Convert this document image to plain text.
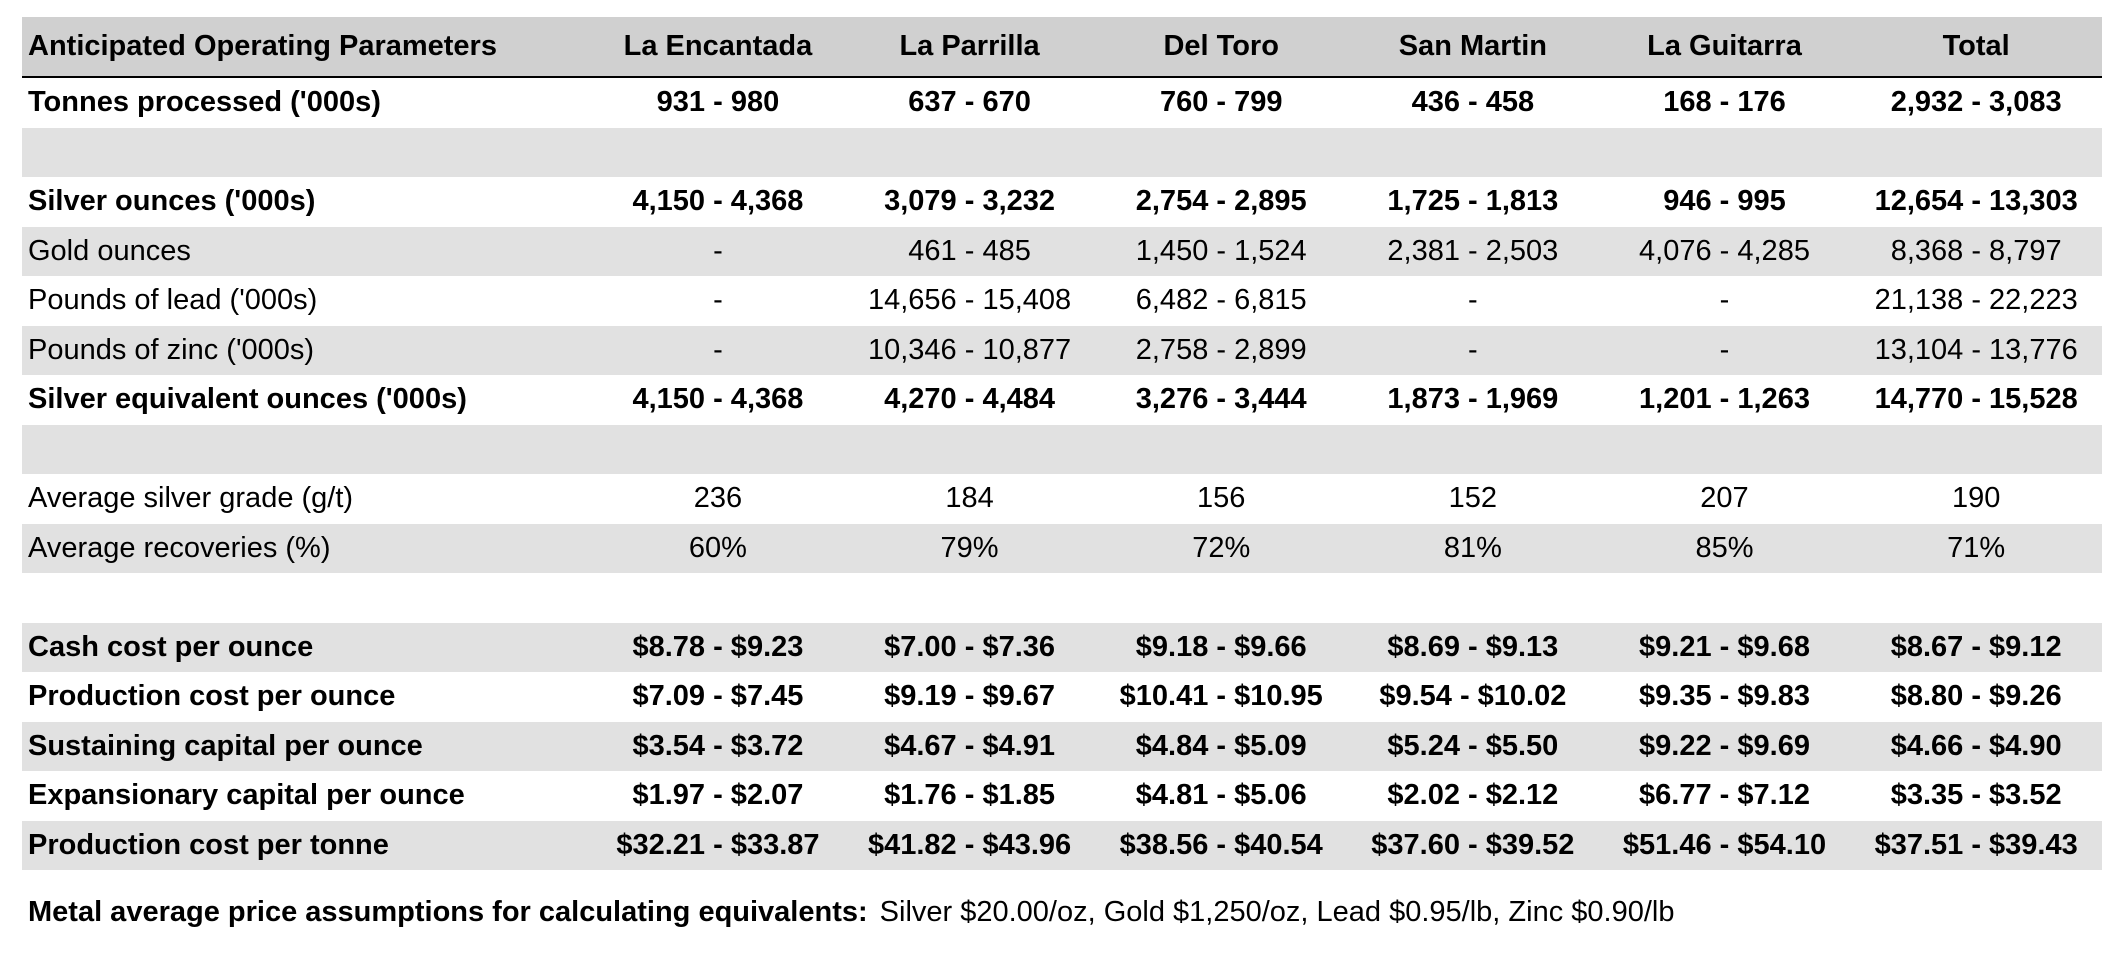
Anticipated Operating Parameters	La Encantada	La Parrilla	Del Toro	San Martin	La Guitarra	Total
Tonnes processed ('000s)	931 - 980	637 - 670	760 - 799	436 - 458	168 - 176	2,932 - 3,083

Silver ounces ('000s)	4,150 - 4,368	3,079 - 3,232	2,754 - 2,895	1,725 - 1,813	946 - 995	12,654 - 13,303
Gold ounces	-	461 - 485	1,450 - 1,524	2,381 - 2,503	4,076 - 4,285	8,368 - 8,797
Pounds of lead ('000s)	-	14,656 - 15,408	6,482 - 6,815	-	-	21,138 - 22,223
Pounds of zinc ('000s)	-	10,346 - 10,877	2,758 - 2,899	-	-	13,104 - 13,776
Silver equivalent ounces ('000s)	4,150 - 4,368	4,270 - 4,484	3,276 - 3,444	1,873 - 1,969	1,201 - 1,263	14,770 - 15,528

Average silver grade (g/t)	236	184	156	152	207	190
Average recoveries (%)	60%	79%	72%	81%	85%	71%

Cash cost per ounce	$8.78 - $9.23	$7.00 - $7.36	$9.18 - $9.66	$8.69 - $9.13	$9.21 - $9.68	$8.67 - $9.12
Production cost per ounce	$7.09 - $7.45	$9.19 - $9.67	$10.41 - $10.95	$9.54 - $10.02	$9.35 - $9.83	$8.80 - $9.26
Sustaining capital per ounce	$3.54 - $3.72	$4.67 - $4.91	$4.84 - $5.09	$5.24 - $5.50	$9.22 - $9.69	$4.66 - $4.90
Expansionary capital per ounce	$1.97 - $2.07	$1.76 - $1.85	$4.81 - $5.06	$2.02 - $2.12	$6.77 - $7.12	$3.35 - $3.52
Production cost per tonne	$32.21 - $33.87	$41.82 - $43.96	$38.56 - $40.54	$37.60 - $39.52	$51.46 - $54.10	$37.51 - $39.43
Metal average price assumptions for calculating equivalents: Silver $20.00/oz, Gold $1,250/oz, Lead $0.95/lb, Zinc $0.90/lb
